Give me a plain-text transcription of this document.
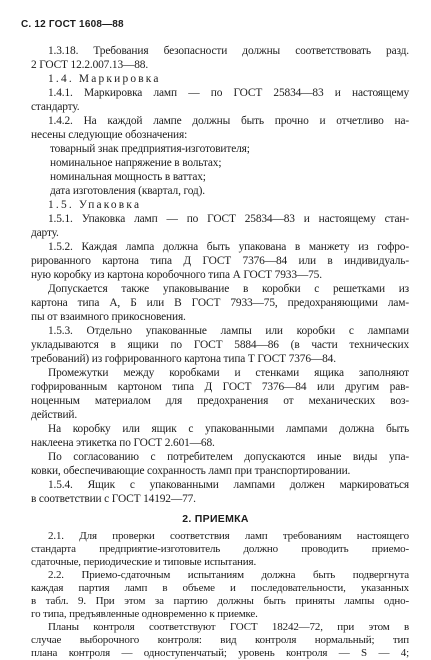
С. 12 ГОСТ 1608—88
1.3.18. Требования безопасности должны соответствовать разд.
2 ГОСТ 12.2.007.13—88.
1.4. Маркировка
1.4.1. Маркировка ламп — по ГОСТ 25834—83 и настоящему
стандарту.
1.4.2. На каждой лампе должны быть прочно и отчетливо на-
несены следующие обозначения:
товарный знак предприятия-изготовителя;
номинальное напряжение в вольтах;
номинальная мощность в ваттах;
дата изготовления (квартал, год).
1.5. Упаковка
1.5.1. Упаковка ламп — по ГОСТ 25834—83 и настоящему стан-
дарту.
1.5.2. Каждая лампа должна быть упакована в манжету из гофро-
рированного картона типа Д ГОСТ 7376—84 или в индивидуаль-
ную коробку из картона коробочного типа А ГОСТ 7933—75.
Допускается также упаковывание в коробки с решетками из
картона типа А, Б или В ГОСТ 7933—75, предохраняющими лам-
пы от взаимного прикосновения.
1.5.3. Отдельно упакованные лампы или коробки с лампами
укладываются в ящики по ГОСТ 5884—86 (в части технических
требований) из гофрированного картона типа Т ГОСТ 7376—84.
Промежутки между коробками и стенками ящика заполняют
гофрированным картоном типа Д ГОСТ 7376—84 или другим рав-
ноценным материалом для предохранения от механических воз-
действий.
На коробку или ящик с упакованными лампами должна быть
наклеена этикетка по ГОСТ 2.601—68.
По согласованию с потребителем допускаются иные виды упа-
ковки, обеспечивающие сохранность ламп при транспортировании.
1.5.4. Ящик с упакованными лампами должен маркироваться
в соответствии с ГОСТ 14192—77.
2. ПРИЕМКА
2.1. Для проверки соответствия ламп требованиям настоящего
стандарта предприятие-изготовитель должно проводить приемо-
сдаточные, периодические и типовые испытания.
2.2. Приемо-сдаточным испытаниям должна быть подвергнута
каждая партия ламп в объеме и последовательности, указанных
в табл. 9. При этом за партию должны быть приняты лампы одно-
го типа, предъявленные одновременно к приемке.
Планы контроля соответствуют ГОСТ 18242—72, при этом в
случае выборочного контроля: вид контроля нормальный; тип
плана контроля — одноступенчатый; уровень контроля — S — 4;
